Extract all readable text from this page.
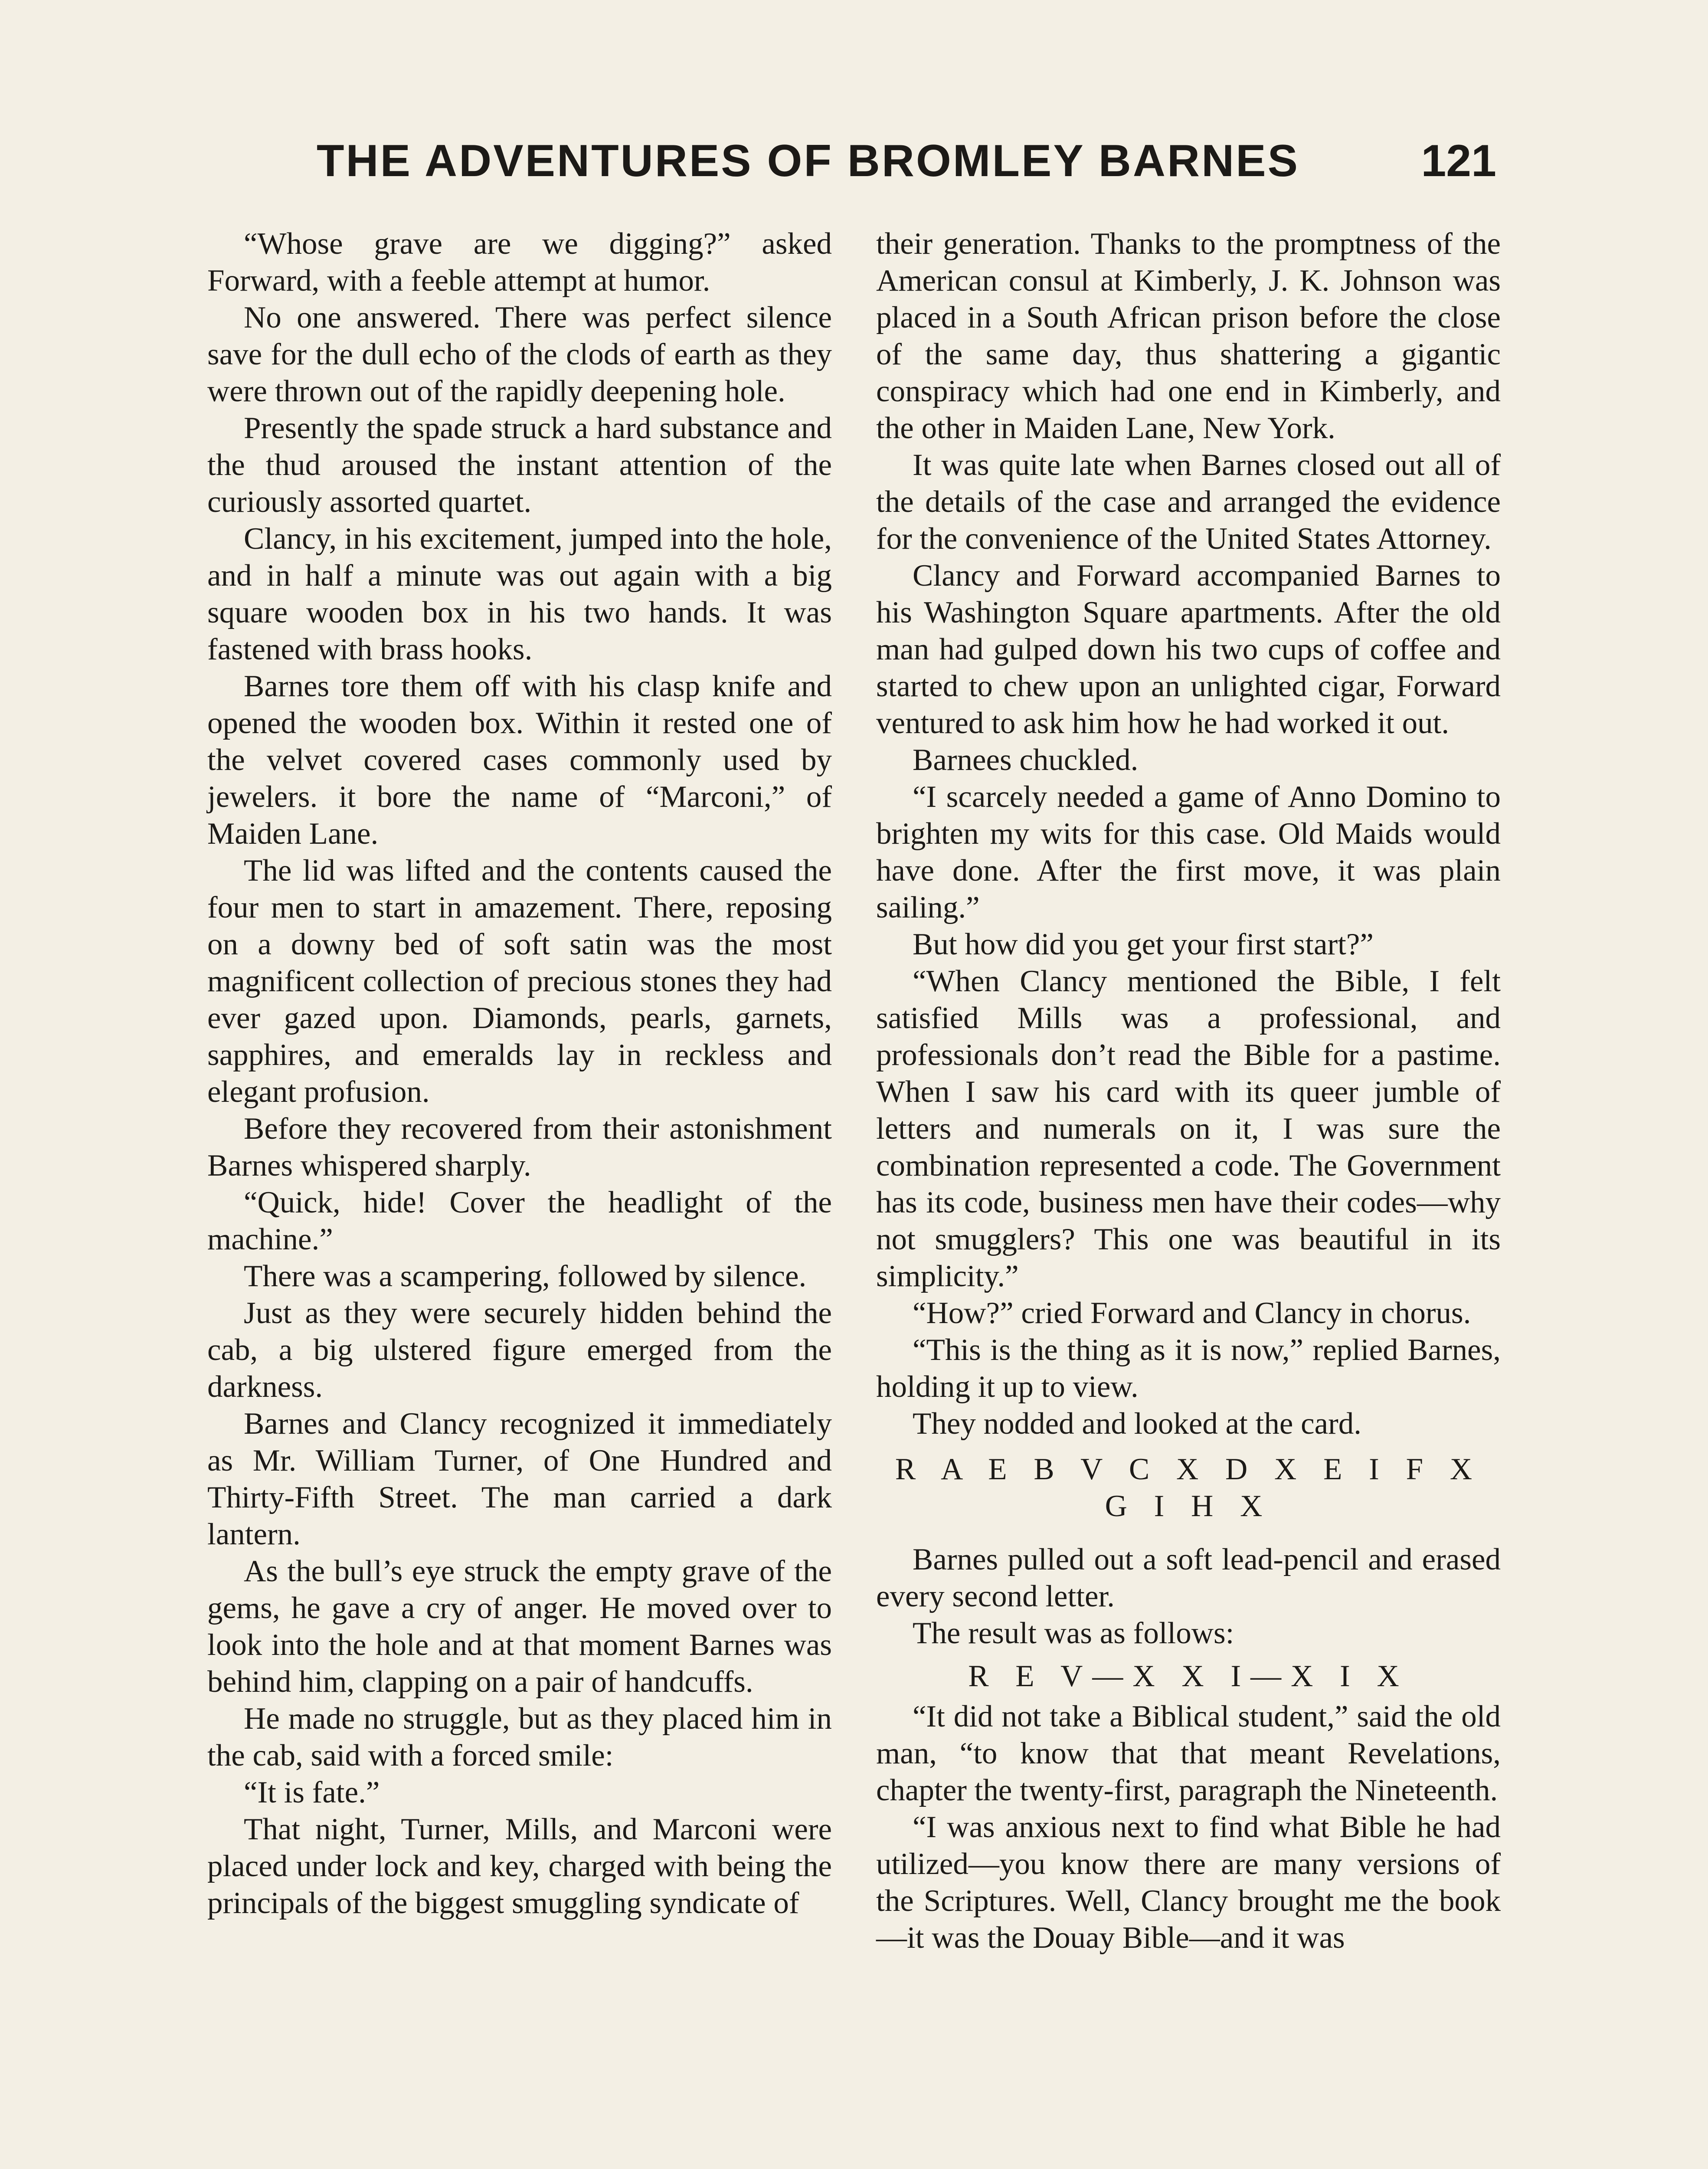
THE ADVENTURES OF BROMLEY BARNES	121

“Whose grave are we digging?” asked Forward, with a feeble attempt at humor.

No one answered. There was perfect silence save for the dull echo of the clods of earth as they were thrown out of the rapidly deepening hole.

Presently the spade struck a hard substance and the thud aroused the instant attention of the curiously assorted quartet.

Clancy, in his excitement, jumped into the hole, and in half a minute was out again with a big square wooden box in his two hands. It was fastened with brass hooks.

Barnes tore them off with his clasp knife and opened the wooden box. Within it rested one of the velvet covered cases commonly used by jewelers. it bore the name of “Marconi,” of Maiden Lane.

The lid was lifted and the contents caused the four men to start in amazement. There, reposing on a downy bed of soft satin was the most magnificent collection of precious stones they had ever gazed upon. Diamonds, pearls, garnets, sapphires, and emeralds lay in reckless and elegant profusion.

Before they recovered from their astonishment Barnes whispered sharply.

“Quick, hide! Cover the headlight of the machine.”

There was a scampering, followed by silence.

Just as they were securely hidden behind the cab, a big ulstered figure emerged from the darkness.

Barnes and Clancy recognized it immediately as Mr. William Turner, of One Hundred and Thirty-Fifth Street. The man carried a dark lantern.

As the bull’s eye struck the empty grave of the gems, he gave a cry of anger. He moved over to look into the hole and at that moment Barnes was behind him, clapping on a pair of handcuffs.

He made no struggle, but as they placed him in the cab, said with a forced smile:

“It is fate.”

That night, Turner, Mills, and Marconi were placed under lock and key, charged with being the principals of the biggest smuggling syndicate of

their generation. Thanks to the promptness of the American consul at Kimberly, J. K. Johnson was placed in a South African prison before the close of the same day, thus shattering a gigantic conspiracy which had one end in Kimberly, and the other in Maiden Lane, New York.

It was quite late when Barnes closed out all of the details of the case and arranged the evidence for the convenience of the United States Attorney.

Clancy and Forward accompanied Barnes to his Washington Square apartments. After the old man had gulped down his two cups of coffee and started to chew upon an unlighted cigar, Forward ventured to ask him how he had worked it out.

Barnees chuckled.

“I scarcely needed a game of Anno Domino to brighten my wits for this case. Old Maids would have done. After the first move, it was plain sailing.”

But how did you get your first start?”

“When Clancy mentioned the Bible, I felt satisfied Mills was a professional, and professionals don’t read the Bible for a pastime. When I saw his card with its queer jumble of letters and numerals on it, I was sure the combination represented a code. The Government has its code, business men have their codes—why not smugglers? This one was beautiful in its simplicity.”

“How?” cried Forward and Clancy in chorus.

“This is the thing as it is now,” replied Barnes, holding it up to view.

They nodded and looked at the card.

R A E B V C X D X E I F X G I H X

Barnes pulled out a soft lead-pencil and erased every second letter.

The result was as follows:

R E V—X X I—X I X

“It did not take a Biblical student,” said the old man, “to know that that meant Revelations, chapter the twenty-first, paragraph the Nineteenth.

“I was anxious next to find what Bible he had utilized—you know there are many versions of the Scriptures. Well, Clancy brought me the book—it was the Douay Bible—and it was
